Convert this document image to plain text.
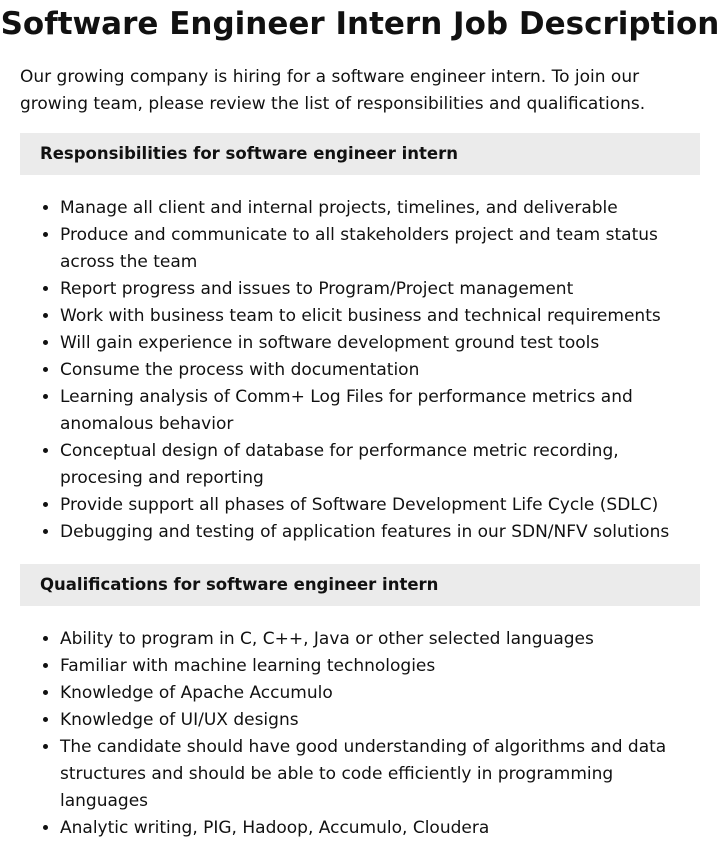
Software Engineer Intern Job Description

Our growing company is hiring for a software engineer intern. To join our growing team, please review the list of responsibilities and qualifications.

Responsibilities for software engineer intern
• Manage all client and internal projects, timelines, and deliverable
• Produce and communicate to all stakeholders project and team status across the team
• Report progress and issues to Program/Project management
• Work with business team to elicit business and technical requirements
• Will gain experience in software development ground test tools
• Consume the process with documentation
• Learning analysis of Comm+ Log Files for performance metrics and anomalous behavior
• Conceptual design of database for performance metric recording, procesing and reporting
• Provide support all phases of Software Development Life Cycle (SDLC)
• Debugging and testing of application features in our SDN/NFV solutions
Qualifications for software engineer intern
• Ability to program in C, C++, Java or other selected languages
• Familiar with machine learning technologies
• Knowledge of Apache Accumulo
• Knowledge of UI/UX designs
• The candidate should have good understanding of algorithms and data structures and should be able to code efficiently in programming languages
• Analytic writing, PIG, Hadoop, Accumulo, Cloudera
